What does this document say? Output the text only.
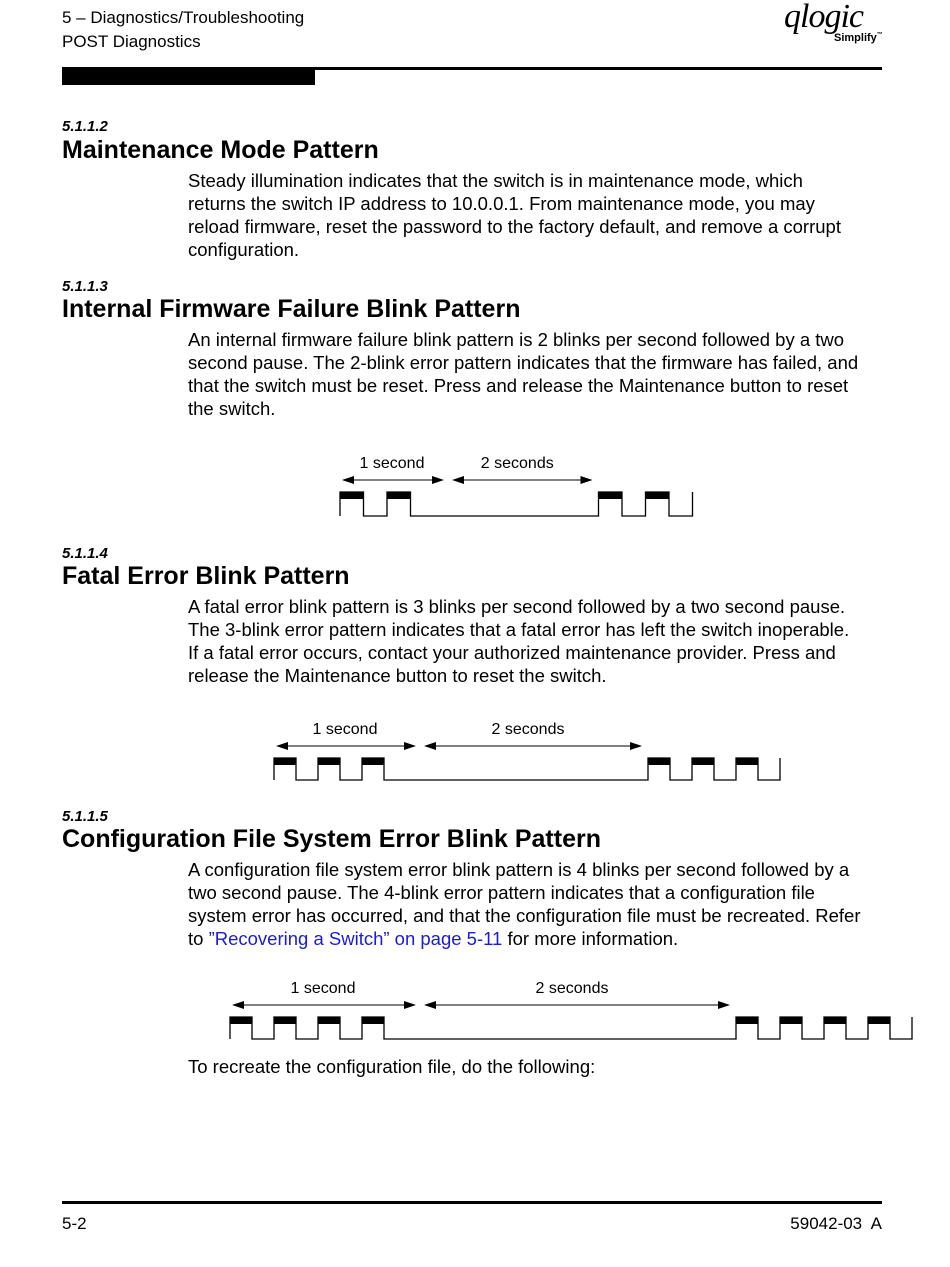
5 – Diagnostics/Troubleshooting
POST Diagnostics
qlogic
Simplify™
5.1.1.2
Maintenance Mode Pattern
Steady illumination indicates that the switch is in maintenance mode, which
returns the switch IP address to 10.0.0.1. From maintenance mode, you may
reload firmware, reset the password to the factory default, and remove a corrupt
configuration.
5.1.1.3
Internal Firmware Failure Blink Pattern
An internal firmware failure blink pattern is 2 blinks per second followed by a two
second pause. The 2-blink error pattern indicates that the firmware has failed, and
that the switch must be reset. Press and release the Maintenance button to reset
the switch.
1 second	2 seconds
1 second	2 seconds
1 second	2 seconds
5.1.1.4
Fatal Error Blink Pattern
A fatal error blink pattern is 3 blinks per second followed by a two second pause.
The 3-blink error pattern indicates that a fatal error has left the switch inoperable.
If a fatal error occurs, contact your authorized maintenance provider. Press and
release the Maintenance button to reset the switch.
5.1.1.5
Configuration File System Error Blink Pattern
A configuration file system error blink pattern is 4 blinks per second followed by a
two second pause. The 4-blink error pattern indicates that a configuration file
system error has occurred, and that the configuration file must be recreated. Refer
to ”Recovering a Switch” on page 5-11 for more information.
To recreate the configuration file, do the following:
5-2	59042-03  A
